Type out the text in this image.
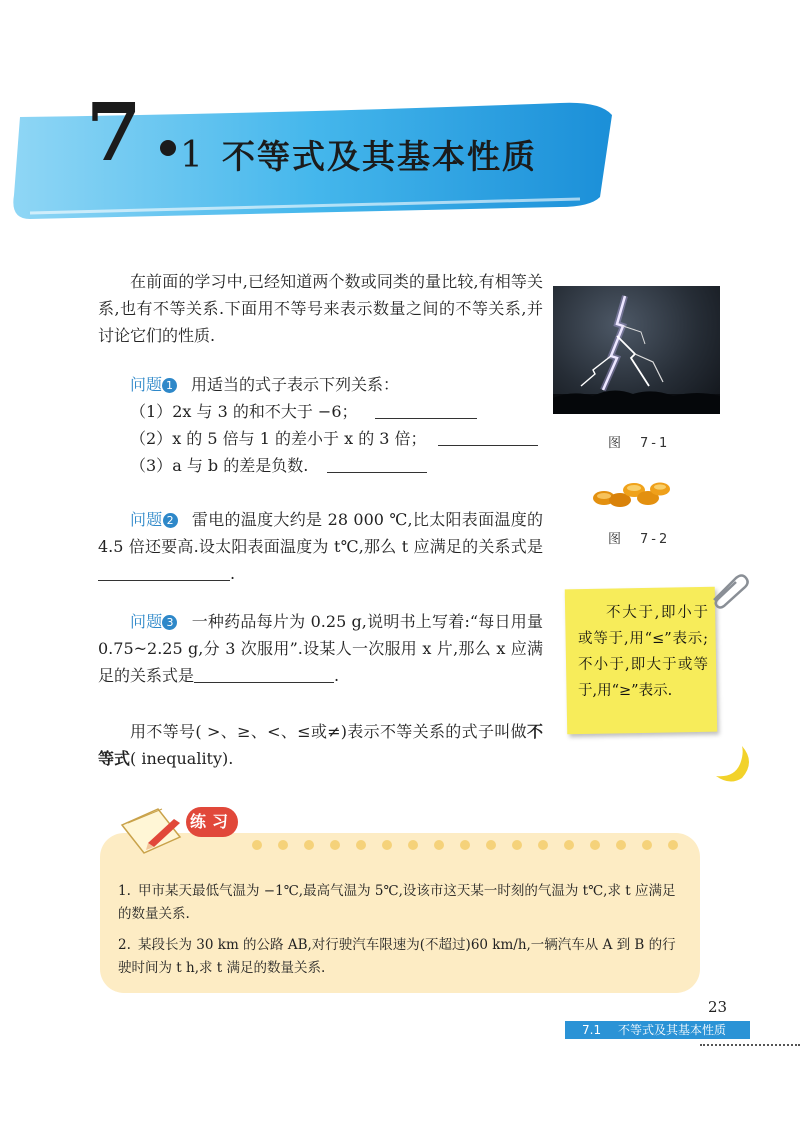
7 1 不等式及其基本性质
在前面的学习中,已经知道两个数或同类的量比较,有相等关系,也有不等关系.下面用不等号来表示数量之间的不等关系,并讨论它们的性质.
问题 1 用适当的式子表示下列关系：
（1）2x 与 3 的和不大于 −6；
（2）x 的 5 倍与 1 的差小于 x 的 3 倍；
（3）a 与 b 的差是负数.
问题 2 雷电的温度大约是 28 000 ℃,比太阳表面温度的 4.5 倍还要高.设太阳表面温度为 t℃,那么 t 应满足的关系式是.
问题 3 一种药品每片为 0.25 g,说明书上写着:“每日用量 0.75~2.25 g,分 3 次服用”.设某人一次服用 x 片,那么 x 应满足的关系式是	.
用不等号( >、≥、<、≤或≠)表示不等关系的式子叫做不等式( inequality).
图　7-1
图　7-2
不大于,即小于或等于,用“≤”表示;不小于,即大于或等于,用“≥”表示.
练习
1. 甲市某天最低气温为 −1℃,最高气温为 5℃,设该市这天某一时刻的气温为 t℃,求 t 应满足的数量关系.
2. 某段长为 30 km 的公路 AB,对行驶汽车限速为(不超过)60 km/h,一辆汽车从 A 到 B 的行驶时间为 t h,求 t 满足的数量关系.
23
7.1 不等式及其基本性质
